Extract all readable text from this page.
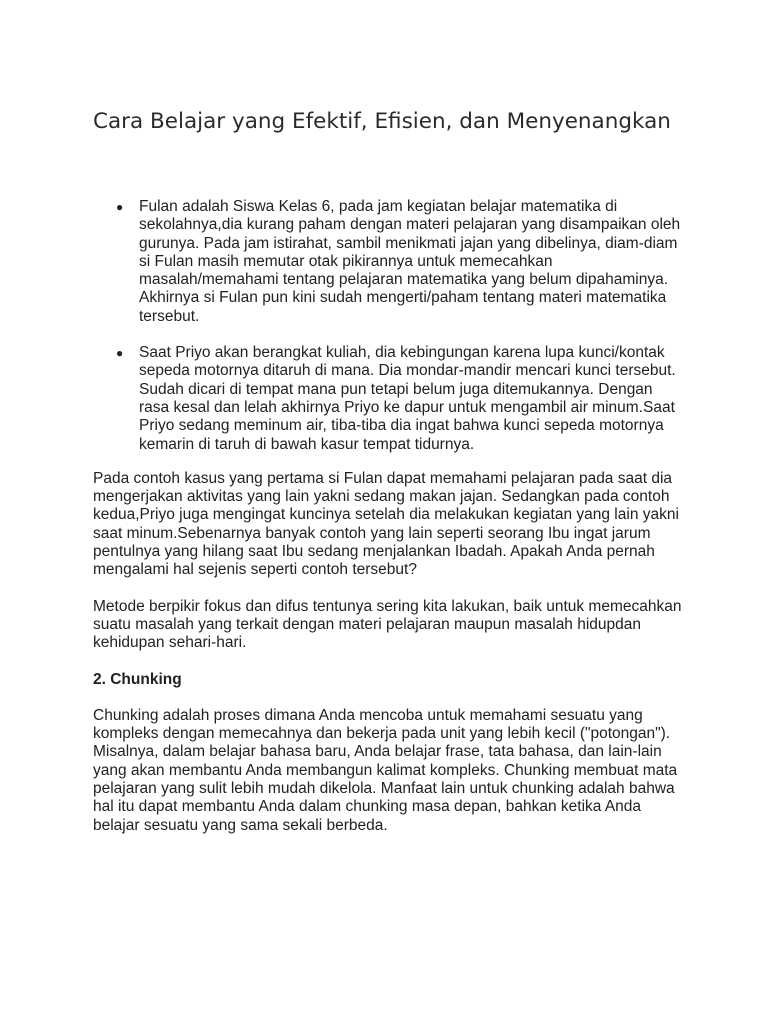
Cara Belajar yang Efektif, Efisien, dan Menyenangkan
● Fulan adalah Siswa Kelas 6, pada jam kegiatan belajar matematika di sekolahnya,dia kurang paham dengan materi pelajaran yang disampaikan oleh gurunya. Pada jam istirahat, sambil menikmati jajan yang dibelinya, diam-diam si Fulan masih memutar otak pikirannya untuk memecahkan masalah/memahami tentang pelajaran matematika yang belum dipahaminya. Akhirnya si Fulan pun kini sudah mengerti/paham tentang materi matematika tersebut.
● Saat Priyo akan berangkat kuliah, dia kebingungan karena lupa kunci/kontak sepeda motornya ditaruh di mana. Dia mondar-mandir mencari kunci tersebut. Sudah dicari di tempat mana pun tetapi belum juga ditemukannya. Dengan rasa kesal dan lelah akhirnya Priyo ke dapur untuk mengambil air minum.Saat Priyo sedang meminum air, tiba-tiba dia ingat bahwa kunci sepeda motornya kemarin di taruh di bawah kasur tempat tidurnya.

Pada contoh kasus yang pertama si Fulan dapat memahami pelajaran pada saat dia mengerjakan aktivitas yang lain yakni sedang makan jajan. Sedangkan pada contoh kedua,Priyo juga mengingat kuncinya setelah dia melakukan kegiatan yang lain yakni saat minum.Sebenarnya banyak contoh yang lain seperti seorang Ibu ingat jarum pentulnya yang hilang saat Ibu sedang menjalankan Ibadah. Apakah Anda pernah mengalami hal sejenis seperti contoh tersebut?

Metode berpikir fokus dan difus tentunya sering kita lakukan, baik untuk memecahkan suatu masalah yang terkait dengan materi pelajaran maupun masalah hidupdan kehidupan sehari-hari.

2. Chunking

Chunking adalah proses dimana Anda mencoba untuk memahami sesuatu yang kompleks dengan memecahnya dan bekerja pada unit yang lebih kecil ("potongan"). Misalnya, dalam belajar bahasa baru, Anda belajar frase, tata bahasa, dan lain-lain yang akan membantu Anda membangun kalimat kompleks. Chunking membuat mata pelajaran yang sulit lebih mudah dikelola. Manfaat lain untuk chunking adalah bahwa hal itu dapat membantu Anda dalam chunking masa depan, bahkan ketika Anda belajar sesuatu yang sama sekali berbeda.
